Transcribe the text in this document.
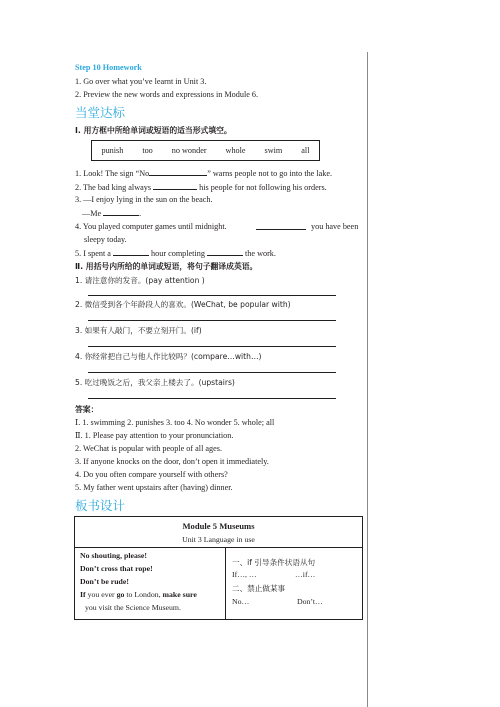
Step 10 Homework
1. Go over what you’ve learnt in Unit 3.
2. Preview the new words and expressions in Module 6.
当堂达标
Ⅰ. 用方框中所给单词或短语的适当形式填空。
punish too no wonder whole swim all
1. Look! The sign “No	” warns people not to go into the lake.
2. The bad king always	his people for not following his orders.
3. —I enjoy lying in the sun on the beach.
—Me	.
4. You played computer games until midnight.	you have been
sleepy today.
5. I spent a	hour completing	the work.
Ⅱ. 用括号内所给的单词或短语，将句子翻译成英语。
1. 请注意你的发音。(pay attention )
2. 微信受到各个年龄段人的喜欢。(WeChat, be popular with)
3. 如果有人敲门，不要立刻开门。(if)
4. 你经常把自己与他人作比较吗？(compare…with…)
5. 吃过晚饭之后，我父亲上楼去了。(upstairs)
答案：
Ⅰ. 1. swimming 2. punishes 3. too 4. No wonder 5. whole; all
Ⅱ. 1. Please pay attention to your pronunciation.
2. WeChat is popular with people of all ages.
3. If anyone knocks on the door, don’t open it immediately.
4. Do you often compare yourself with others?
5. My father went upstairs after (having) dinner.
板书设计
Module 5 Museums
Unit 3 Language in use
No shouting, please!
Don’t cross that rope!
Don’t be rude!
If you ever go to London, make sure
you visit the Science Museum.
一、if 引导条件状语从句
If…, …	…if…
二、禁止做某事
No…	Don’t…
